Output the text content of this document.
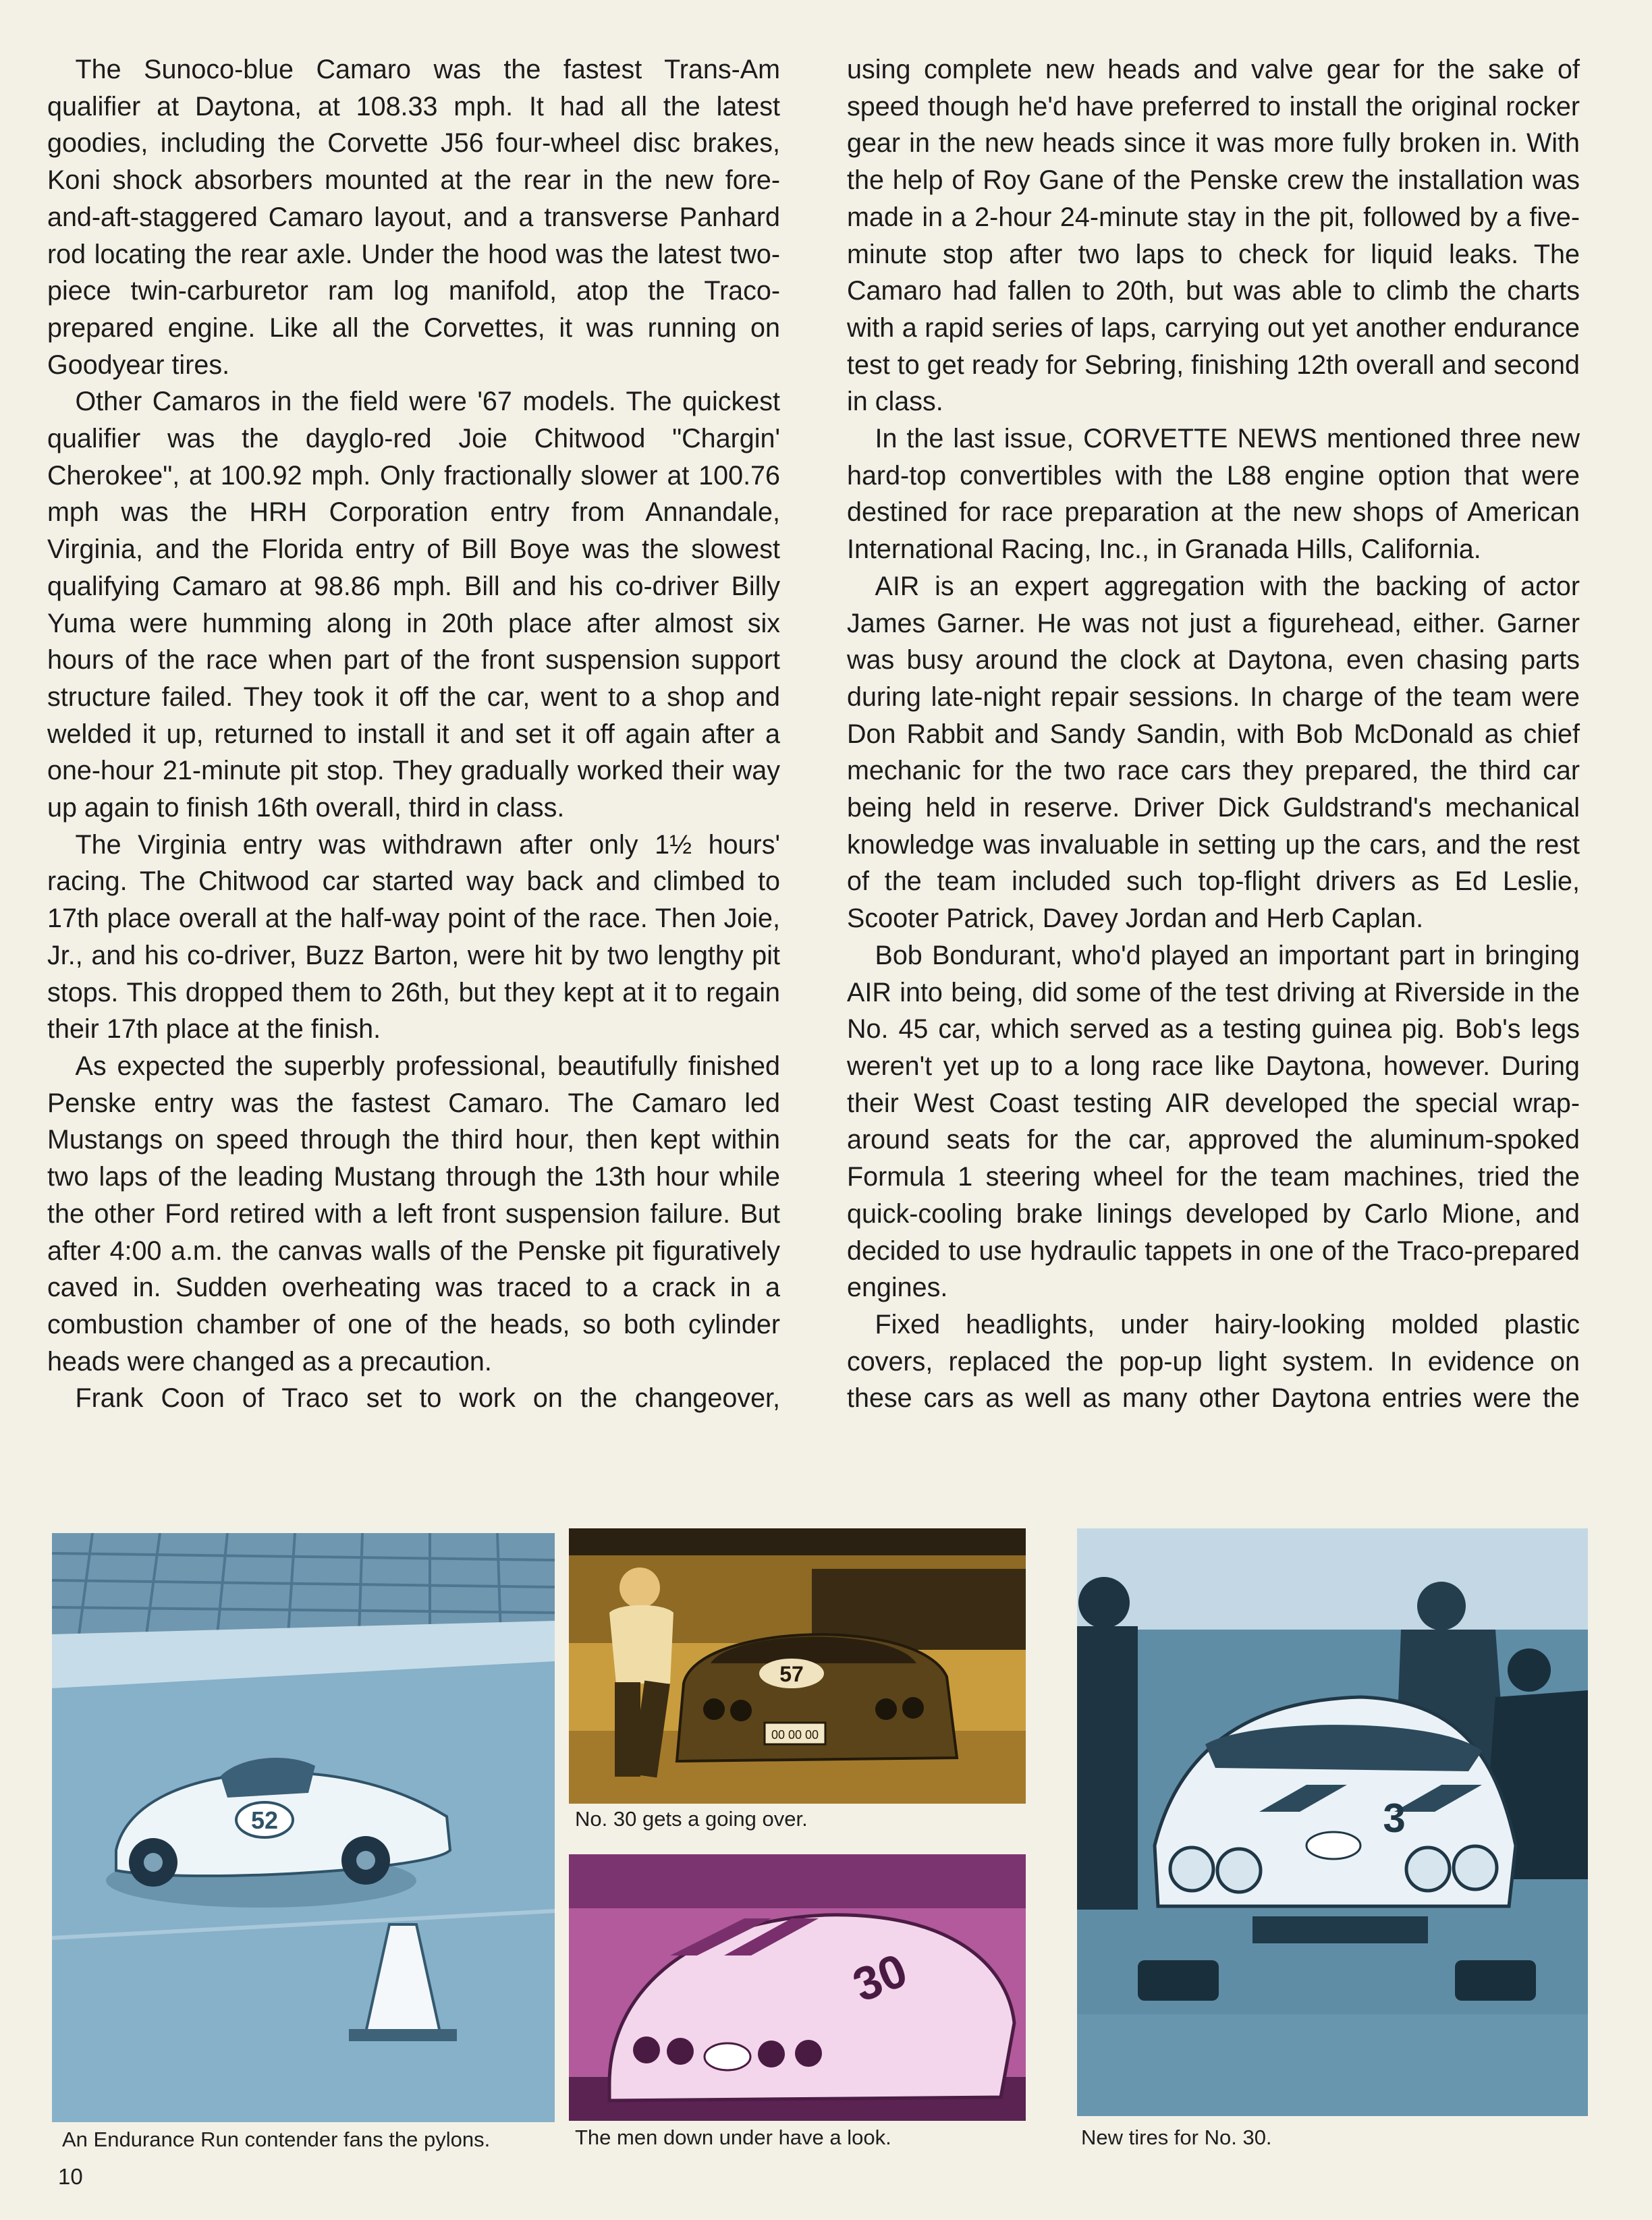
The Sunoco-blue Camaro was the fastest Trans-Am qualifier at Daytona, at 108.33 mph. It had all the latest goodies, including the Corvette J56 four-wheel disc brakes, Koni shock absorbers mounted at the rear in the new fore-and-aft-staggered Camaro layout, and a transverse Panhard rod locating the rear axle. Under the hood was the latest two-piece twin-carburetor ram log manifold, atop the Traco-prepared engine. Like all the Corvettes, it was running on Goodyear tires.

Other Camaros in the field were '67 models. The quickest qualifier was the dayglo-red Joie Chitwood "Chargin' Cherokee", at 100.92 mph. Only fractionally slower at 100.76 mph was the HRH Corporation entry from Annandale, Virginia, and the Florida entry of Bill Boye was the slowest qualifying Camaro at 98.86 mph. Bill and his co-driver Billy Yuma were humming along in 20th place after almost six hours of the race when part of the front suspension support structure failed. They took it off the car, went to a shop and welded it up, returned to install it and set it off again after a one-hour 21-minute pit stop. They gradually worked their way up again to finish 16th overall, third in class.

The Virginia entry was withdrawn after only 1½ hours' racing. The Chitwood car started way back and climbed to 17th place overall at the half-way point of the race. Then Joie, Jr., and his co-driver, Buzz Barton, were hit by two lengthy pit stops. This dropped them to 26th, but they kept at it to regain their 17th place at the finish.

As expected the superbly professional, beautifully finished Penske entry was the fastest Camaro. The Camaro led Mustangs on speed through the third hour, then kept within two laps of the leading Mustang through the 13th hour while the other Ford retired with a left front suspension failure. But after 4:00 a.m. the canvas walls of the Penske pit figuratively caved in. Sudden overheating was traced to a crack in a combustion chamber of one of the heads, so both cylinder heads were changed as a precaution.

Frank Coon of Traco set to work on the changeover,

using complete new heads and valve gear for the sake of speed though he'd have preferred to install the original rocker gear in the new heads since it was more fully broken in. With the help of Roy Gane of the Penske crew the installation was made in a 2-hour 24-minute stay in the pit, followed by a five-minute stop after two laps to check for liquid leaks. The Camaro had fallen to 20th, but was able to climb the charts with a rapid series of laps, carrying out yet another endurance test to get ready for Sebring, finishing 12th overall and second in class.

In the last issue, CORVETTE NEWS mentioned three new hard-top convertibles with the L88 engine option that were destined for race preparation at the new shops of American International Racing, Inc., in Granada Hills, California.

AIR is an expert aggregation with the backing of actor James Garner. He was not just a figurehead, either. Garner was busy around the clock at Daytona, even chasing parts during late-night repair sessions. In charge of the team were Don Rabbit and Sandy Sandin, with Bob McDonald as chief mechanic for the two race cars they prepared, the third car being held in reserve. Driver Dick Guldstrand's mechanical knowledge was invaluable in setting up the cars, and the rest of the team included such top-flight drivers as Ed Leslie, Scooter Patrick, Davey Jordan and Herb Caplan.

Bob Bondurant, who'd played an important part in bringing AIR into being, did some of the test driving at Riverside in the No. 45 car, which served as a testing guinea pig. Bob's legs weren't yet up to a long race like Daytona, however. During their West Coast testing AIR developed the special wrap-around seats for the car, approved the aluminum-spoked Formula 1 steering wheel for the team machines, tried the quick-cooling brake linings developed by Carlo Mione, and decided to use hydraulic tappets in one of the Traco-prepared engines.

Fixed headlights, under hairy-looking molded plastic covers, replaced the pop-up light system. In evidence on these cars as well as many other Daytona entries were the

52
An Endurance Run contender fans the pylons.
57
00 00 00
No. 30 gets a going over.
30
The men down under have a look.
3
New tires for No. 30.
10
